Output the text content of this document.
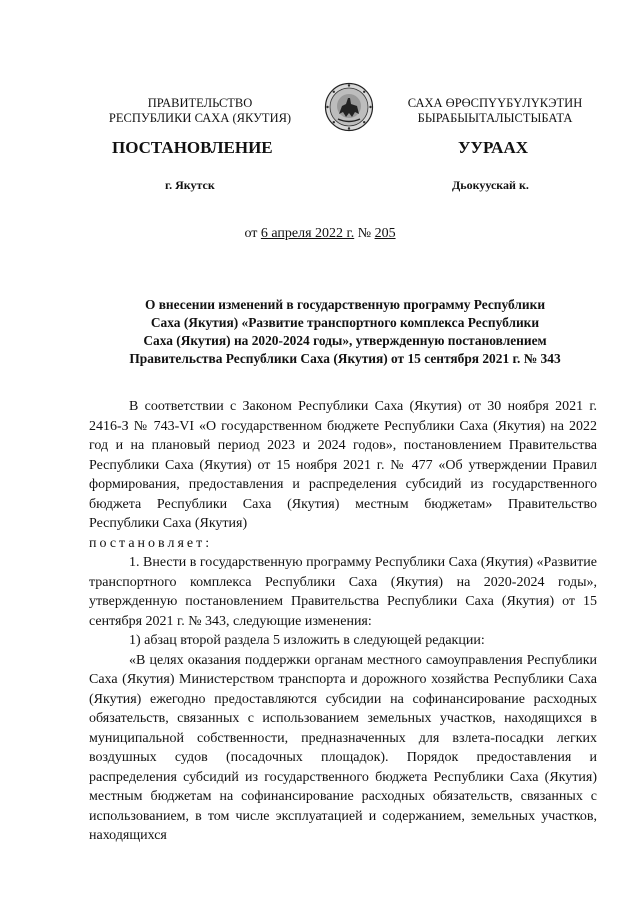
ПРАВИТЕЛЬСТВО
РЕСПУБЛИКИ САХА (ЯКУТИЯ)
САХА ӨРӨСПҮҮБҮЛҮКЭТИН
БЫРАБЫЫТАЛЫСТЫБАТА
ПОСТАНОВЛЕНИЕ	УУРААХ
г. Якутск	Дьокуускай к.
от 6 апреля 2022 г. № 205
О внесении изменений в государственную программу Республики
Саха (Якутия) «Развитие транспортного комплекса Республики
Саха (Якутия) на 2020-2024 годы», утвержденную постановлением
Правительства Республики Саха (Якутия) от 15 сентября 2021 г. № 343

В соответствии с Законом Республики Саха (Якутия) от 30 ноября 2021 г. 2416-З № 743-VI «О государственном бюджете Республики Саха (Якутия) на 2022 год и на плановый период 2023 и 2024 годов», постановлением Правительства Республики Саха (Якутия) от 15 ноября 2021 г. № 477 «Об утверждении Правил формирования, предоставления и распределения субсидий из государственного бюджета Республики Саха (Якутия) местным бюджетам» Правительство Республики Саха (Якутия)

постановляет:

1. Внести в государственную программу Республики Саха (Якутия) «Развитие транспортного комплекса Республики Саха (Якутия) на 2020-2024 годы», утвержденную постановлением Правительства Республики Саха (Якутия) от 15 сентября 2021 г. № 343, следующие изменения:

1) абзац второй раздела 5 изложить в следующей редакции:

«В целях оказания поддержки органам местного самоуправления Республики Саха (Якутия) Министерством транспорта и дорожного хозяйства Республики Саха (Якутия) ежегодно предоставляются субсидии на софинансирование расходных обязательств, связанных с использованием земельных участков, находящихся в муниципальной собственности, предназначенных для взлета-посадки легких воздушных судов (посадочных площадок). Порядок предоставления и распределения субсидий из государственного бюджета Республики Саха (Якутия) местным бюджетам на софинансирование расходных обязательств, связанных с использованием, в том числе эксплуатацией и содержанием, земельных участков, находящихся
